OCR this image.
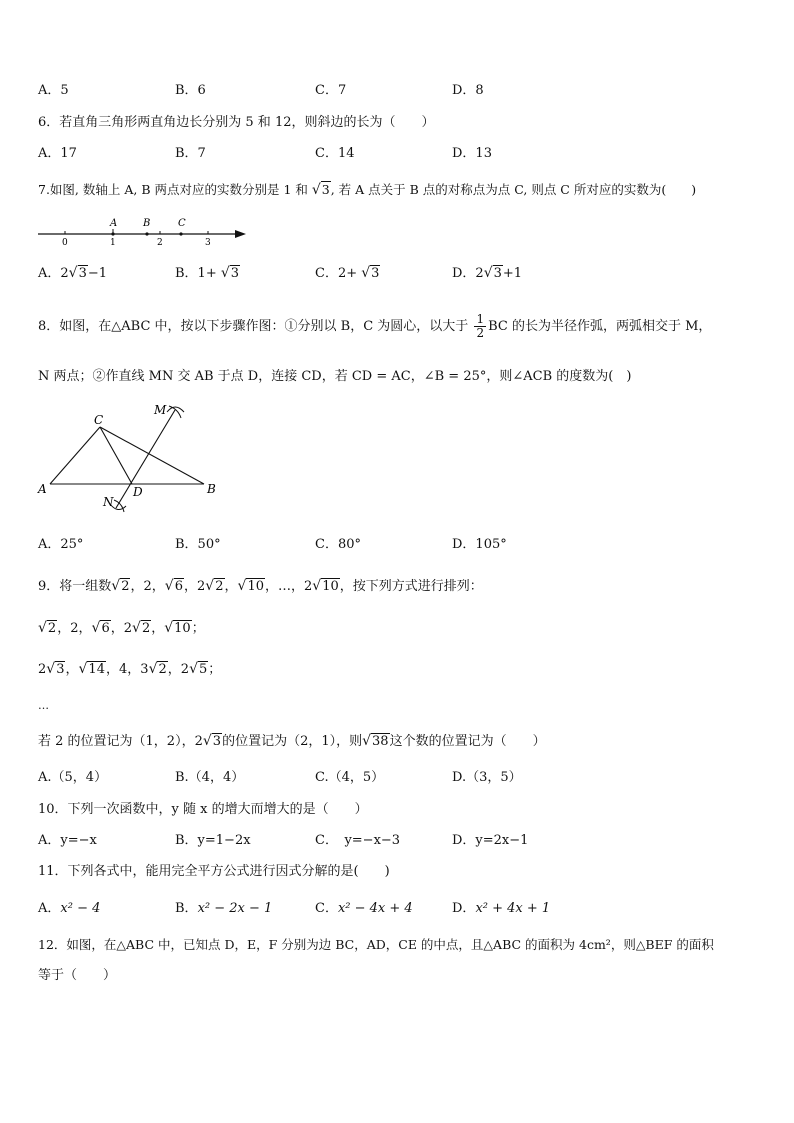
A．5	B．6	C．7	D．8
6．若直角三角形两直角边长分别为 5 和 12，则斜边的长为（　　）
A．17	B．7	C．14	D．13
7.如图, 数轴上 A, B 两点对应的实数分别是 1 和 √3, 若 A 点关于 B 点的对称点为点 C, 则点 C 所对应的实数为(　　)
0	1	2	3
A	B	C
A．2√3−1	B．1+ √3	C．2+ √3	D．2√3+1
8．如图，在△ABC 中，按以下步骤作图：①分别以 B，C 为圆心，以大于 $\frac{1}{2}$ BC 的长为半径作弧，两弧相交于 M，
N 两点；②作直线 MN 交 AB 于点 D，连接 CD，若 CD = AC，∠B = 25°，则∠ACB 的度数为(　)
A	B
C
D
M
N
A．25°	B．50°	C．80°	D．105°
9．将一组数√2，2，√6，2√2，√10，…，2√10，按下列方式进行排列：
√2，2，√6，2√2，√10；
2√3，√14，4，3√2，2√5；
…
若 2 的位置记为（1，2），2√3的位置记为（2，1），则√38这个数的位置记为（　　）
A.（5，4）	B.（4，4）	C.（4，5）	D.（3，5）
10．下列一次函数中，y 随 x 的增大而增大的是（　　）
A．y=−x	B．y=1−2x	C．　y=−x−3	D．y=2x−1
11．下列各式中，能用完全平方公式进行因式分解的是(　　)
A．x² − 4	B．x² − 2x − 1	C．x² − 4x + 4	D．x² + 4x + 1
12．如图，在△ABC 中，已知点 D，E，F 分别为边 BC，AD，CE 的中点，且△ABC 的面积为 4cm²，则△BEF 的面积
等于（　　）
